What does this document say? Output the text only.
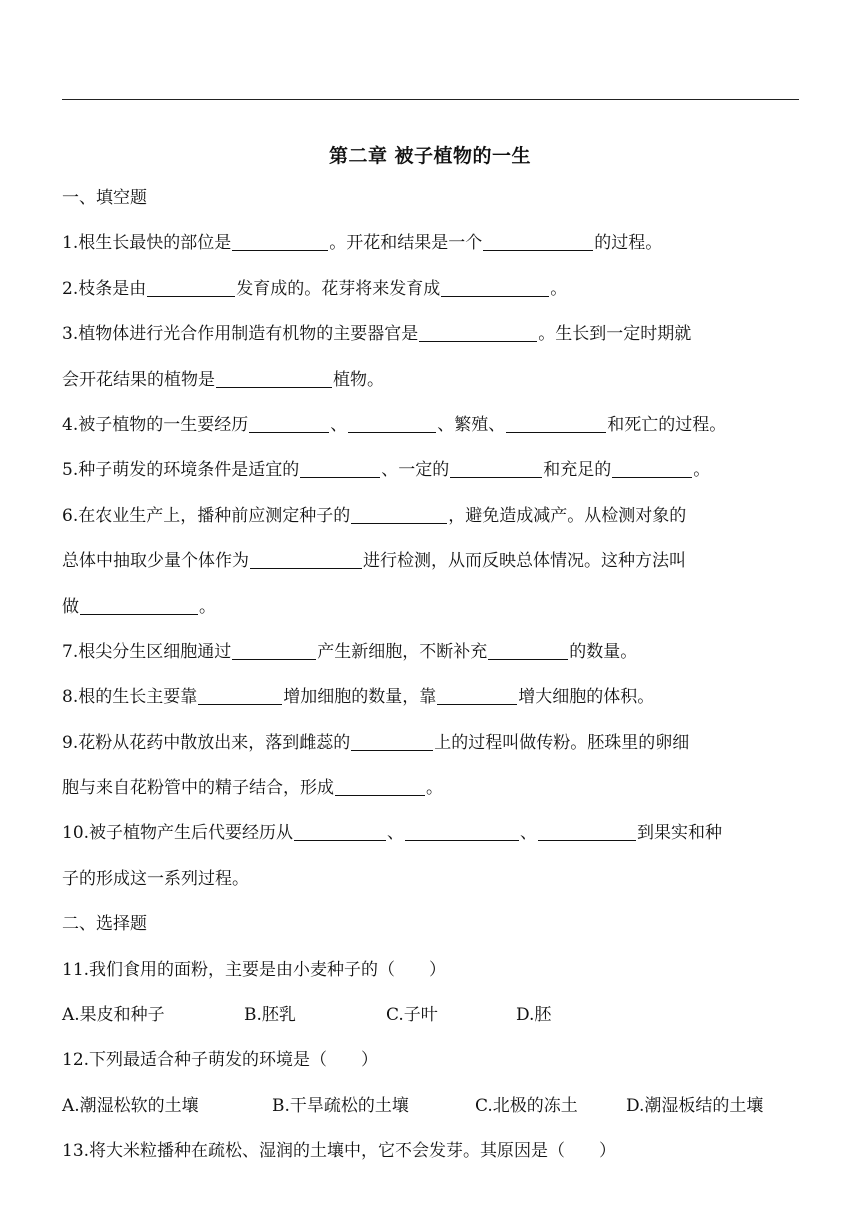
第二章 被子植物的一生
一、填空题
1.根生长最快的部位是	。开花和结果是一个	的过程。
2.枝条是由	发育成的。花芽将来发育成	。
3.植物体进行光合作用制造有机物的主要器官是	。生长到一定时期就
会开花结果的植物是	植物。
4.被子植物的一生要经历	、	、繁殖、	和死亡的过程。
5.种子萌发的环境条件是适宜的	、一定的	和充足的	。
6.在农业生产上，播种前应测定种子的	，避免造成减产。从检测对象的
总体中抽取少量个体作为	进行检测，从而反映总体情况。这种方法叫
做	。
7.根尖分生区细胞通过	产生新细胞，不断补充	的数量。
8.根的生长主要靠	增加细胞的数量，靠	增大细胞的体积。
9.花粉从花药中散放出来，落到雌蕊的	上的过程叫做传粉。胚珠里的卵细
胞与来自花粉管中的精子结合，形成	。
10.被子植物产生后代要经历从	、	、	到果实和种
子的形成这一系列过程。
二、选择题
11.我们食用的面粉，主要是由小麦种子的（　　）
A.果皮和种子	B.胚乳	C.子叶	D.胚
12.下列最适合种子萌发的环境是（　　）
A.潮湿松软的土壤	B.干旱疏松的土壤	C.北极的冻土	D.潮湿板结的土壤
13.将大米粒播种在疏松、湿润的土壤中，它不会发芽。其原因是（　　）
